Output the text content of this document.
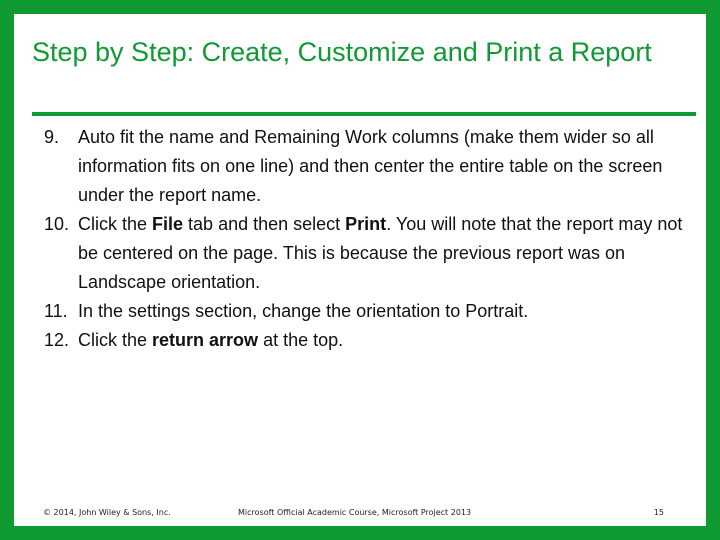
Step by Step: Create, Customize and Print a Report
9.	Auto fit the name and Remaining Work columns (make them wider so all information fits on one line) and then center the entire table on the screen under the report name.
10. Click the File tab and then select Print. You will note that the report may not be centered on the page. This is because the previous report was on Landscape orientation.
11. In the settings section, change the orientation to Portrait.
12. Click the return arrow at the top.
© 2014, John Wiley & Sons, Inc.	Microsoft Official Academic Course, Microsoft Project 2013	15
